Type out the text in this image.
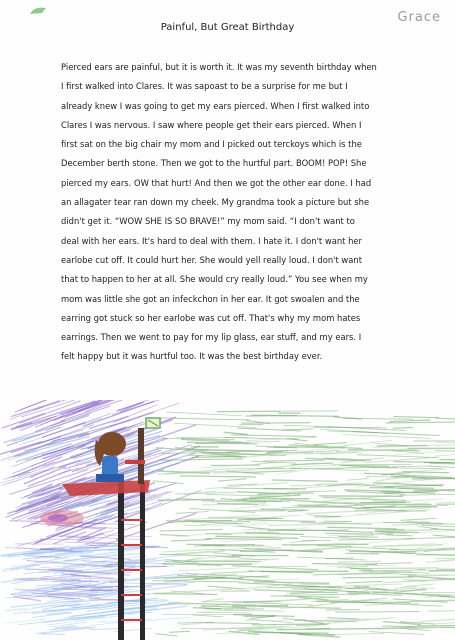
Grace
Painful, But Great Birthday
Pierced ears are painful, but it is worth it. It was my seventh birthday when
I first walked into Clares. It was sapoast to be a surprise for me but I
already knew I was going to get my ears pierced. When I first walked into
Clares I was nervous. I saw where people get their ears pierced. When I
first sat on the big chair my mom and I picked out terckoys which is the
December berth stone. Then we got to the hurtful part. BOOM! POP! She
pierced my ears. OW that hurt! And then we got the other ear done. I had
an allagater tear ran down my cheek. My grandma took a picture but she
didn't get it. “WOW SHE IS SO BRAVE!” my mom said. “I don't want to
deal with her ears. It's hard to deal with them. I hate it. I don't want her
earlobe cut off. It could hurt her. She would yell really loud. I don't want
that to happen to her at all. She would cry really loud.” You see when my
mom was little she got an infeckchon in her ear. It got swoalen and the
earring got stuck so her earlobe was cut off. That's why my mom hates
earrings. Then we went to pay for my lip glass, ear stuff, and my ears. I
felt happy but it was hurtful too. It was the best birthday ever.
